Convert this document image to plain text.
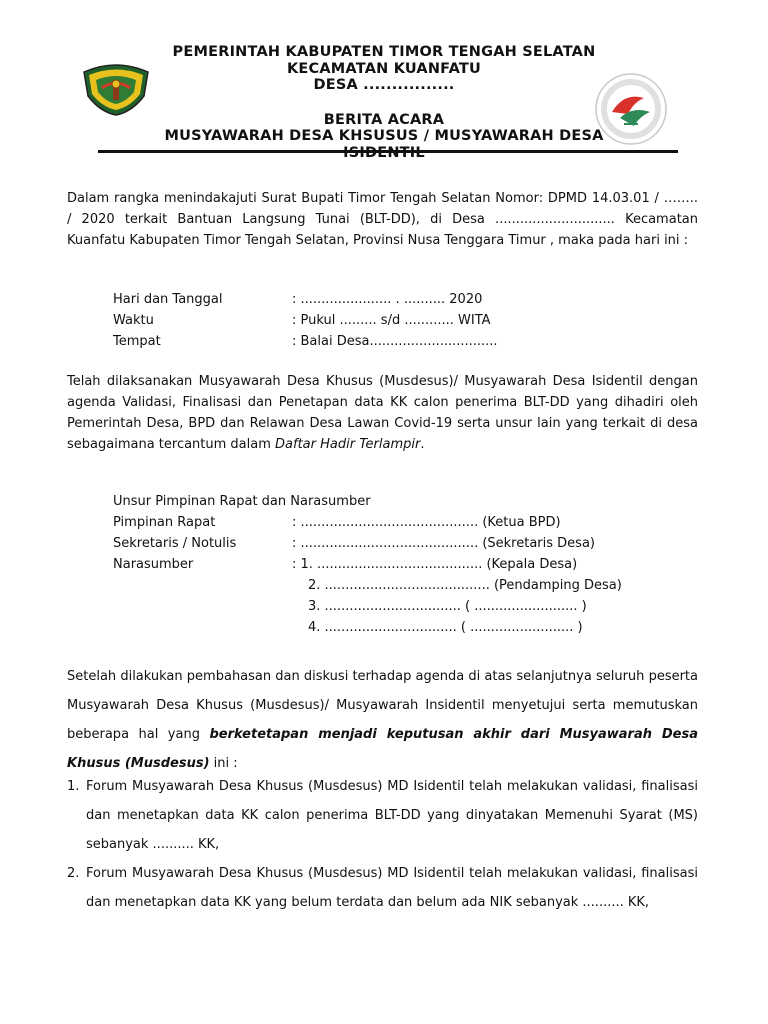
PEMERINTAH KABUPATEN TIMOR TENGAH SELATAN
KECAMATAN KUANFATU
DESA ................
BERITA ACARA
MUSYAWARAH DESA KHSUSUS / MUSYAWARAH DESA
Dalam rangka menindakajuti Surat Bupati Timor Tengah Selatan Nomor: DPMD 14.03.01 / …….. / 2020 terkait Bantuan Langsung Tunai (BLT-DD), di Desa ............................. Kecamatan Kuanfatu Kabupaten Timor Tengah Selatan, Provinsi Nusa Tenggara Timur , maka pada hari ini :
Hari dan Tanggal	: ...................... . .......... 2020
Waktu	: Pukul ......... s/d ............ WITA
Tempat	: Balai Desa...............................
Telah dilaksanakan Musyawarah Desa Khusus (Musdesus)/ Musyawarah Desa Isidentil dengan agenda Validasi, Finalisasi dan Penetapan data KK calon penerima BLT-DD yang dihadiri oleh Pemerintah Desa, BPD dan Relawan Desa Lawan Covid-19 serta unsur lain yang terkait di desa sebagaimana tercantum dalam Daftar Hadir Terlampir.
Unsur Pimpinan Rapat dan Narasumber
Pimpinan Rapat	: ........................................... (Ketua BPD)
Sekretaris / Notulis	: ........................................... (Sekretaris Desa)
Narasumber	: 1. ........................................ (Kepala Desa)
2. ........................................ (Pendamping Desa)
3. ................................. ( ......................... )
4. ................................ ( ......................... )
Setelah dilakukan pembahasan dan diskusi terhadap agenda di atas selanjutnya seluruh peserta Musyawarah Desa Khusus (Musdesus)/ Musyawarah Insidentil menyetujui serta memutuskan beberapa hal yang berketetapan menjadi keputusan akhir dari Musyawarah Desa Khusus (Musdesus) ini :
1. Forum Musyawarah Desa Khusus (Musdesus) MD Isidentil telah melakukan validasi, finalisasi dan menetapkan data KK calon penerima BLT-DD yang dinyatakan Memenuhi Syarat (MS) sebanyak .......... KK,
2. Forum Musyawarah Desa Khusus (Musdesus) MD Isidentil telah melakukan validasi, finalisasi dan menetapkan data KK yang belum terdata dan belum ada NIK sebanyak .......... KK,
